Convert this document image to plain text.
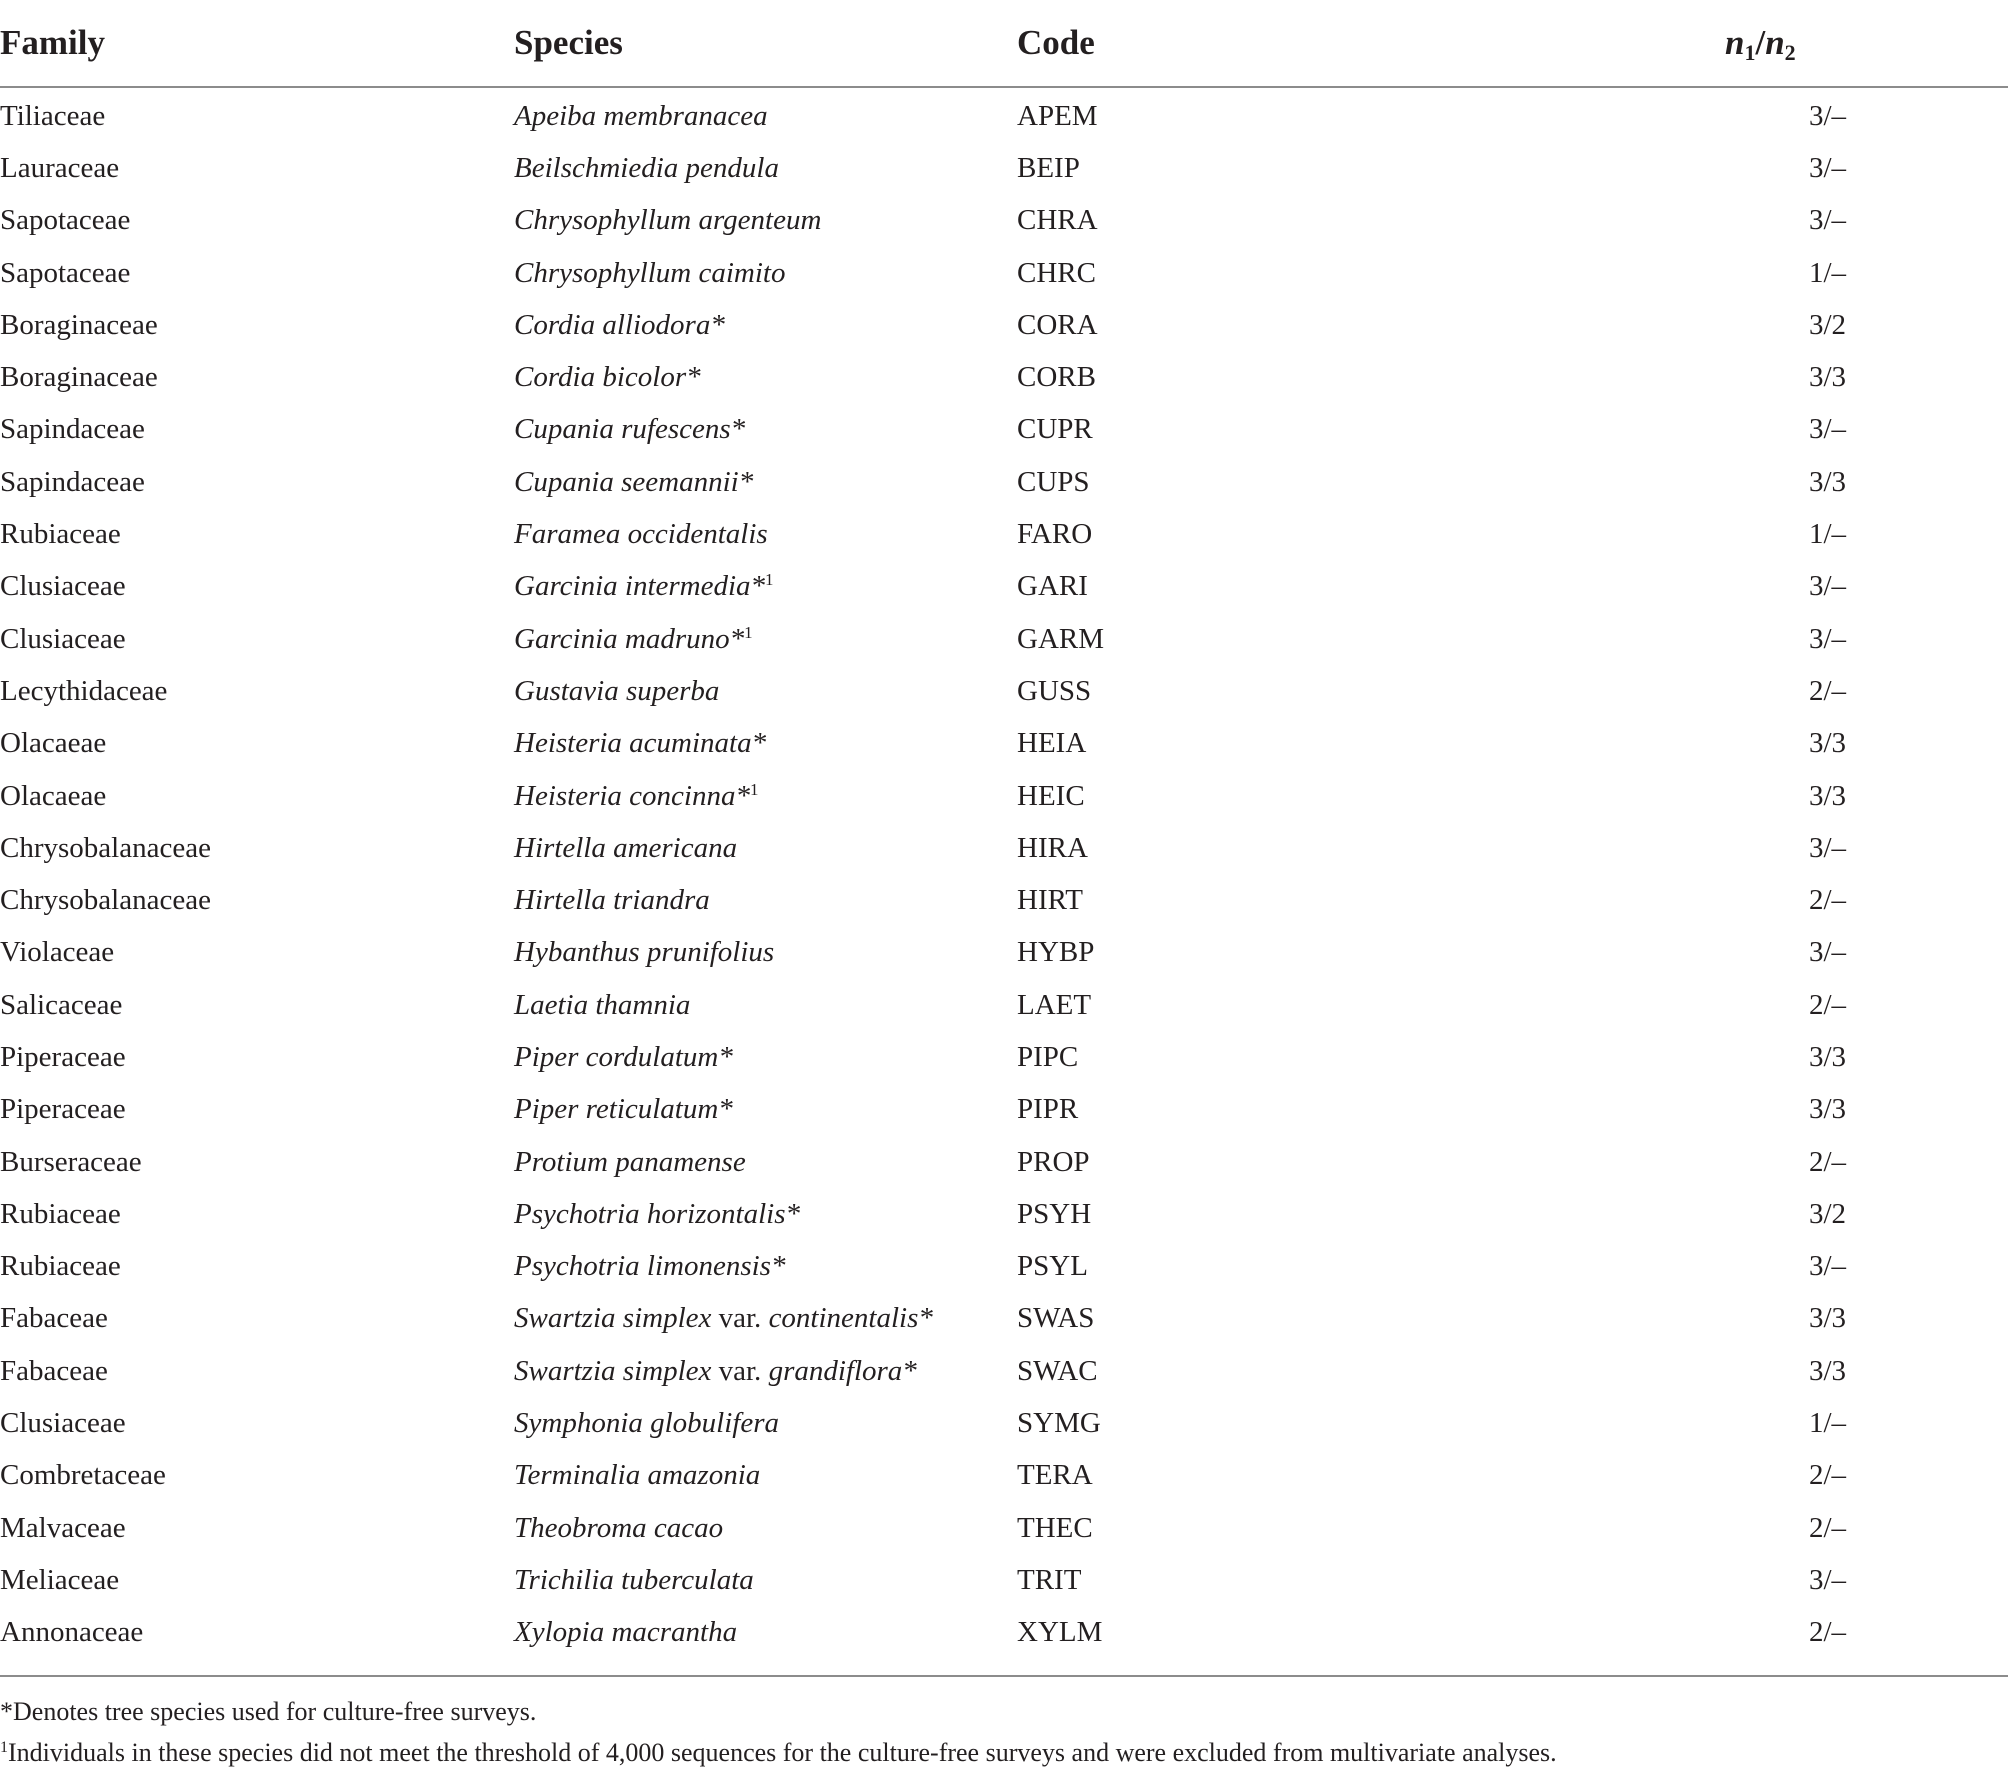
Family	Species	Code	$n_1/n_2$
Tiliaceae	Apeiba membranacea	APEM	3/–
Lauraceae	Beilschmiedia pendula	BEIP	3/–
Sapotaceae	Chrysophyllum argenteum	CHRA	3/–
Sapotaceae	Chrysophyllum caimito	CHRC	1/–
Boraginaceae	Cordia alliodora*	CORA	3/2
Boraginaceae	Cordia bicolor*	CORB	3/3
Sapindaceae	Cupania rufescens*	CUPR	3/–
Sapindaceae	Cupania seemannii*	CUPS	3/3
Rubiaceae	Faramea occidentalis	FARO	1/–
Clusiaceae	Garcinia intermedia*$^1$	GARI	3/–
Clusiaceae	Garcinia madruno*$^1$	GARM	3/–
Lecythidaceae	Gustavia superba	GUSS	2/–
Olacaeae	Heisteria acuminata*	HEIA	3/3
Olacaeae	Heisteria concinna*$^1$	HEIC	3/3
Chrysobalanaceae	Hirtella americana	HIRA	3/–
Chrysobalanaceae	Hirtella triandra	HIRT	2/–
Violaceae	Hybanthus prunifolius	HYBP	3/–
Salicaceae	Laetia thamnia	LAET	2/–
Piperaceae	Piper cordulatum*	PIPC	3/3
Piperaceae	Piper reticulatum*	PIPR	3/3
Burseraceae	Protium panamense	PROP	2/–
Rubiaceae	Psychotria horizontalis*	PSYH	3/2
Rubiaceae	Psychotria limonensis*	PSYL	3/–
Fabaceae	Swartzia simplex var. continentalis*	SWAS	3/3
Fabaceae	Swartzia simplex var. grandiflora*	SWAC	3/3
Clusiaceae	Symphonia globulifera	SYMG	1/–
Combretaceae	Terminalia amazonia	TERA	2/–
Malvaceae	Theobroma cacao	THEC	2/–
Meliaceae	Trichilia tuberculata	TRIT	3/–
Annonaceae	Xylopia macrantha	XYLM	2/–
*Denotes tree species used for culture-free surveys.
$^1$Individuals in these species did not meet the threshold of 4,000 sequences for the culture-free surveys and were excluded from multivariate analyses.
